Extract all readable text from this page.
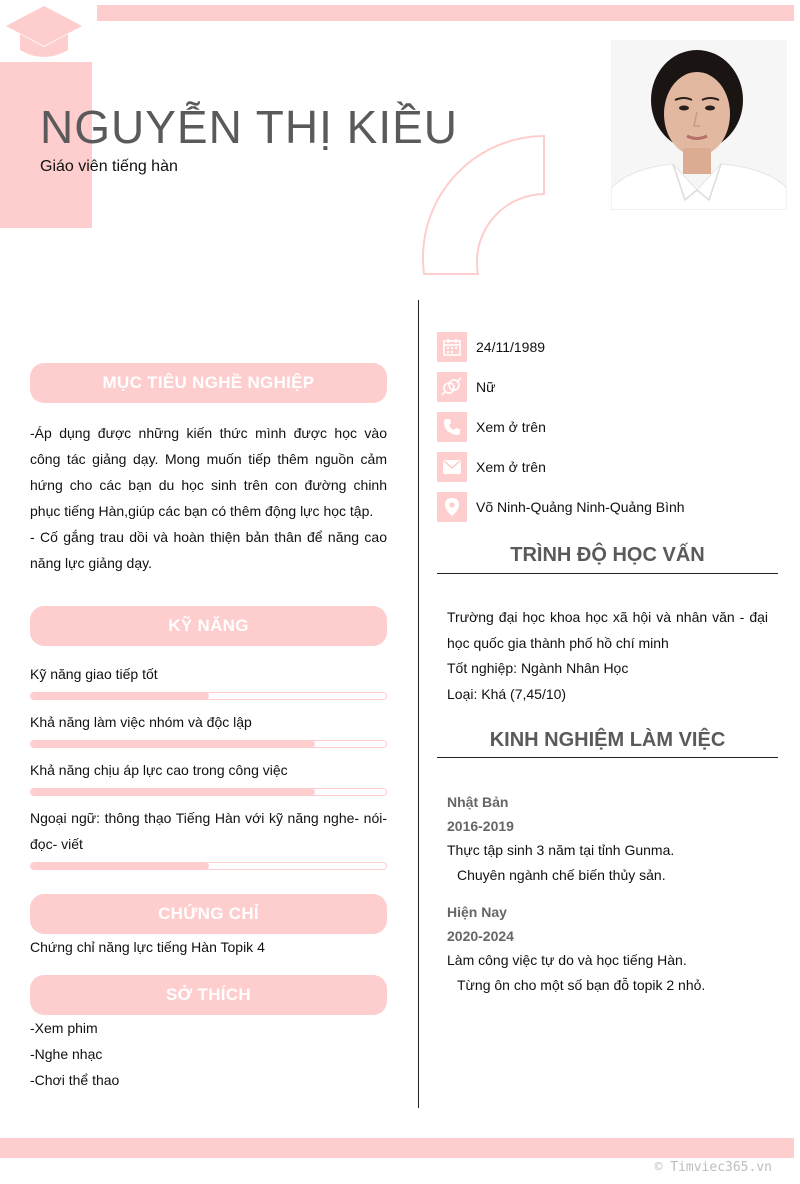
NGUYỄN THỊ KIỀU
Giáo viên tiếng hàn
MỤC TIÊU NGHỀ NGHIỆP
-Áp dụng được những kiến thức mình được học vào công tác giảng dạy. Mong muốn tiếp thêm nguồn cảm hứng cho các bạn du học sinh trên con đường chinh phục tiếng Hàn,giúp các bạn có thêm động lực học tập.
- Cố gắng trau dồi và hoàn thiện bản thân để năng cao năng lực giảng dạy.
KỸ NĂNG
Kỹ năng giao tiếp tốt
Khả năng làm việc nhóm và độc lập
Khả năng chịu áp lực cao trong công việc
Ngoại ngữ: thông thạo Tiếng Hàn với kỹ năng nghe- nói- đọc- viết
CHỨNG CHỈ
Chứng chỉ năng lực tiếng Hàn Topik 4
SỞ THÍCH
-Xem phim
-Nghe nhạc
-Chơi thể thao
24/11/1989
Nữ
Xem ở trên
Xem ở trên
Võ Ninh-Quảng Ninh-Quảng Bình
TRÌNH ĐỘ HỌC VẤN
Trường đại học khoa học xã hội và nhân văn - đại học quốc gia thành phố hồ chí minh
Tốt nghiệp: Ngành Nhân Học
Loại: Khá (7,45/10)
KINH NGHIỆM LÀM VIỆC
Nhật Bản
2016-2019
Thực tập sinh 3 năm tại tỉnh Gunma.
Chuyên ngành chế biến thủy sản.
Hiện Nay
2020-2024
Làm công việc tự do và học tiếng Hàn.
Từng ôn cho một số bạn đỗ topik 2 nhỏ.
© Timviec365.vn
